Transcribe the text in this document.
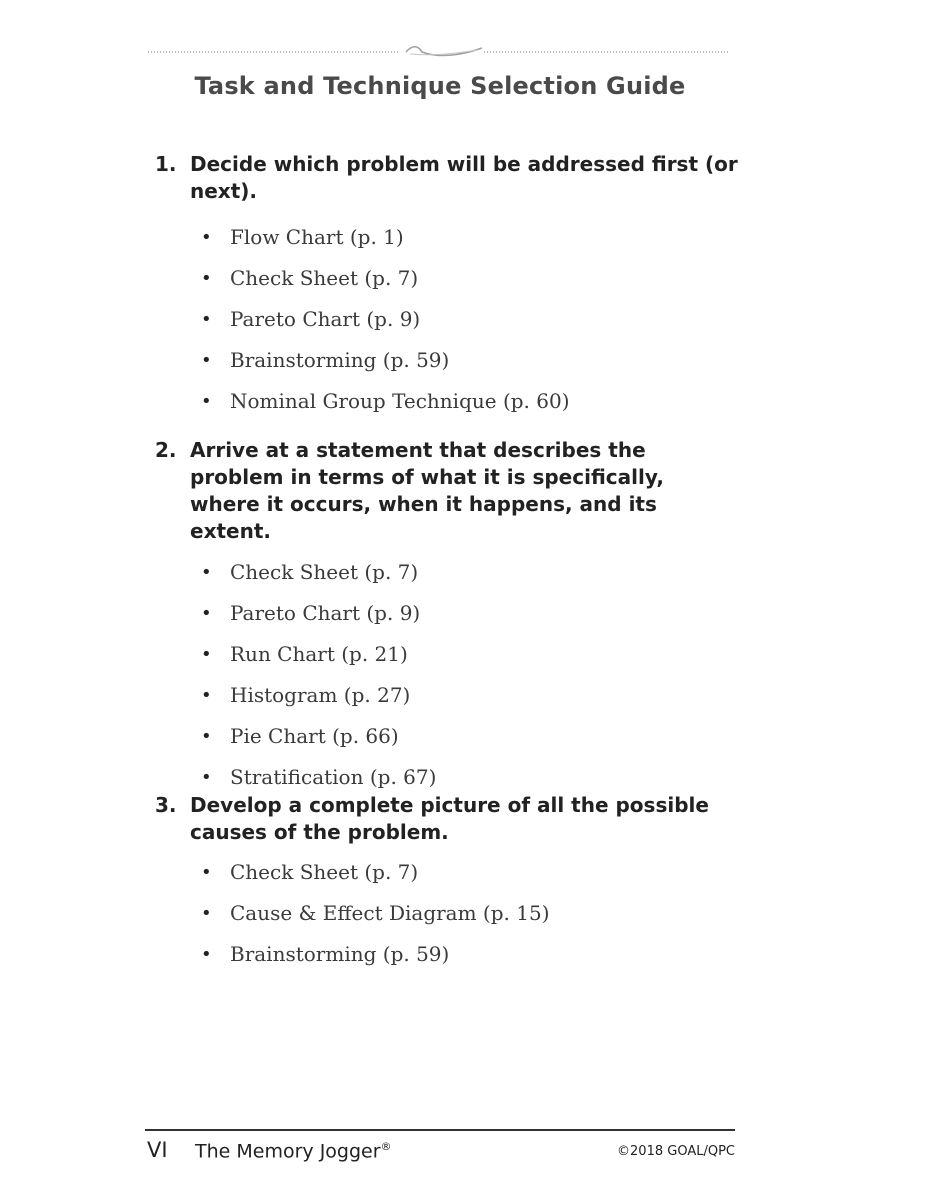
Task and Technique Selection Guide
1. Decide which problem will be addressed first (or next).
• Flow Chart (p. 1)
• Check Sheet (p. 7)
• Pareto Chart (p. 9)
• Brainstorming (p. 59)
• Nominal Group Technique (p. 60)
2. Arrive at a statement that describes the problem in terms of what it is specifically, where it occurs, when it happens, and its extent.
• Check Sheet (p. 7)
• Pareto Chart (p. 9)
• Run Chart (p. 21)
• Histogram (p. 27)
• Pie Chart (p. 66)
• Stratification (p. 67)
3. Develop a complete picture of all the possible causes of the problem.
• Check Sheet (p. 7)
• Cause & Effect Diagram (p. 15)
• Brainstorming (p. 59)
VI The Memory Jogger®	©2018 GOAL/QPC
